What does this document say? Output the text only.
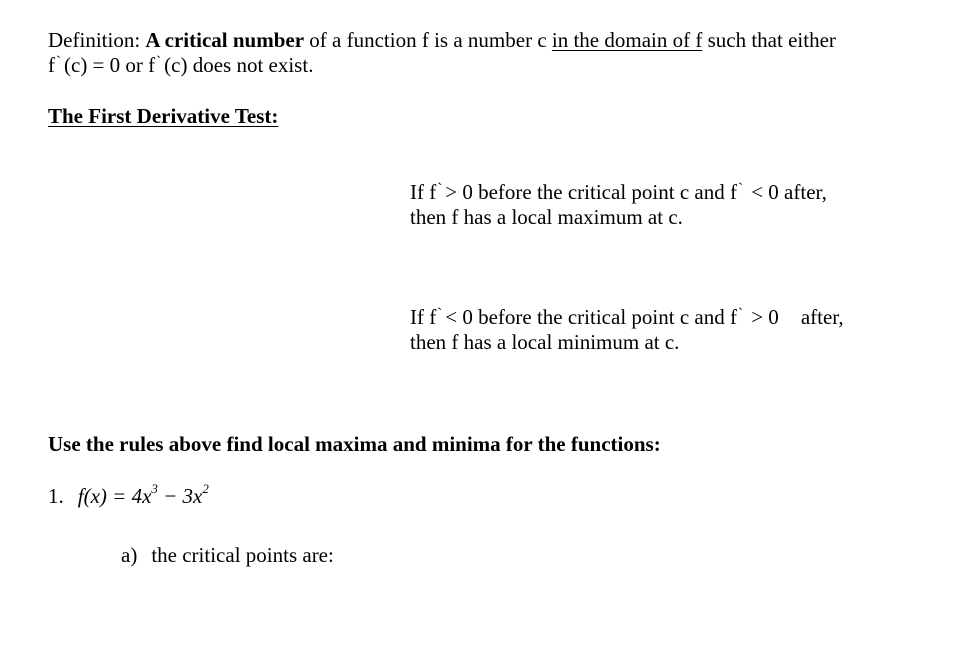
Definition: A critical number of a function f is a number c in the domain of f such that either
f` (c) = 0 or f` (c) does not exist.
The First Derivative Test:
If f` > 0 before the critical point c and f` < 0 after,
then f has a local maximum at c.
If f` < 0 before the critical point c and f` > 0 after,
then f has a local minimum at c.
Use the rules above find local maxima and minima for the functions:
1. $f(x) = 4x^3 - 3x^2$
a) the critical points are:
